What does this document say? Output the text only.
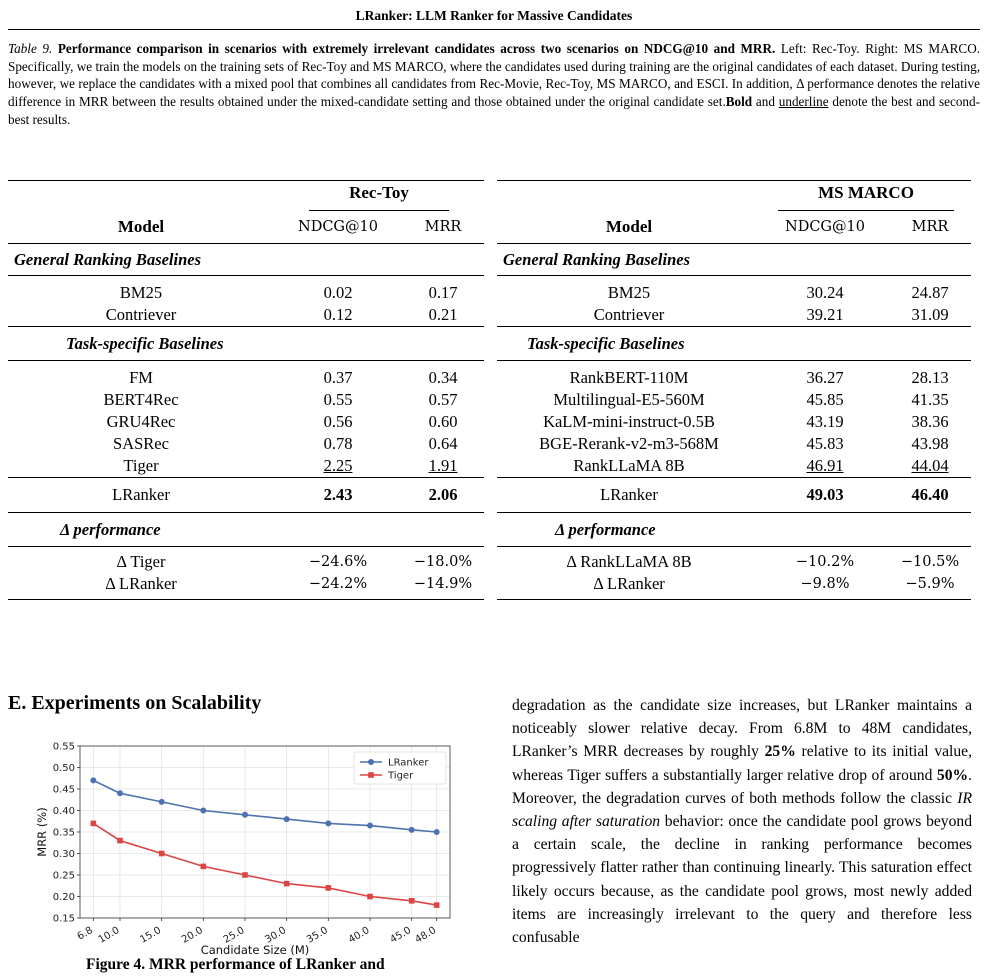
LRanker: LLM Ranker for Massive Candidates
Table 9. Performance comparison in scenarios with extremely irrelevant candidates across two scenarios on NDCG@10 and MRR. Left: Rec-Toy. Right: MS MARCO. Specifically, we train the models on the training sets of Rec-Toy and MS MARCO, where the candidates used during training are the original candidates of each dataset. During testing, however, we replace the candidates with a mixed pool that combines all candidates from Rec-Movie, Rec-Toy, MS MARCO, and ESCI. In addition, Δ performance denotes the relative difference in MRR between the results obtained under the mixed-candidate setting and those obtained under the original candidate set.Bold and underline denote the best and second-best results.
	Rec-Toy	
Model	NDCG@10	MRR
General Ranking Baselines		
BM25	0.02	0.17
Contriever	0.12	0.21
Task-specific Baselines		
FM	0.37	0.34
BERT4Rec	0.55	0.57
GRU4Rec	0.56	0.60
SASRec	0.78	0.64
Tiger	2.25	1.91
LRanker	2.43	2.06
Δ performance		
Δ Tiger	−24.6%	−18.0%
Δ LRanker	−24.2%	−14.9%
	MS MARCO	
Model	NDCG@10	MRR
General Ranking Baselines		
BM25	30.24	24.87
Contriever	39.21	31.09
Task-specific Baselines		
RankBERT-110M	36.27	28.13
Multilingual-E5-560M	45.85	41.35
KaLM-mini-instruct-0.5B	43.19	38.36
BGE-Rerank-v2-m3-568M	45.83	43.98
RankLLaMA 8B	46.91	44.04
LRanker	49.03	46.40
Δ performance		
Δ RankLLaMA 8B	−10.2%	−10.5%
Δ LRanker	−9.8%	−5.9%
E. Experiments on Scalability
0.15
0.20
0.25
0.30
0.35
0.40
0.45
0.50
0.55
6.8 10.0 15.0 20.0 25.0 30.0 35.0 40.0 45.0 48.0
Candidate Size (M)
MRR (%)
LRanker
Tiger
degradation as the candidate size increases, but LRanker maintains a noticeably slower relative decay. From 6.8M to 48M candidates, LRanker’s MRR decreases by roughly 25% relative to its initial value, whereas Tiger suffers a substantially larger relative drop of around 50%. Moreover, the degradation curves of both methods follow the classic IR scaling after saturation behavior: once the candidate pool grows beyond a certain scale, the decline in ranking performance becomes progressively flatter rather than continuing linearly. This saturation effect likely occurs because, as the candidate pool grows, most newly added items are increasingly irrelevant to the query and therefore less confusable
Figure 4. MRR performance of LRanker and
